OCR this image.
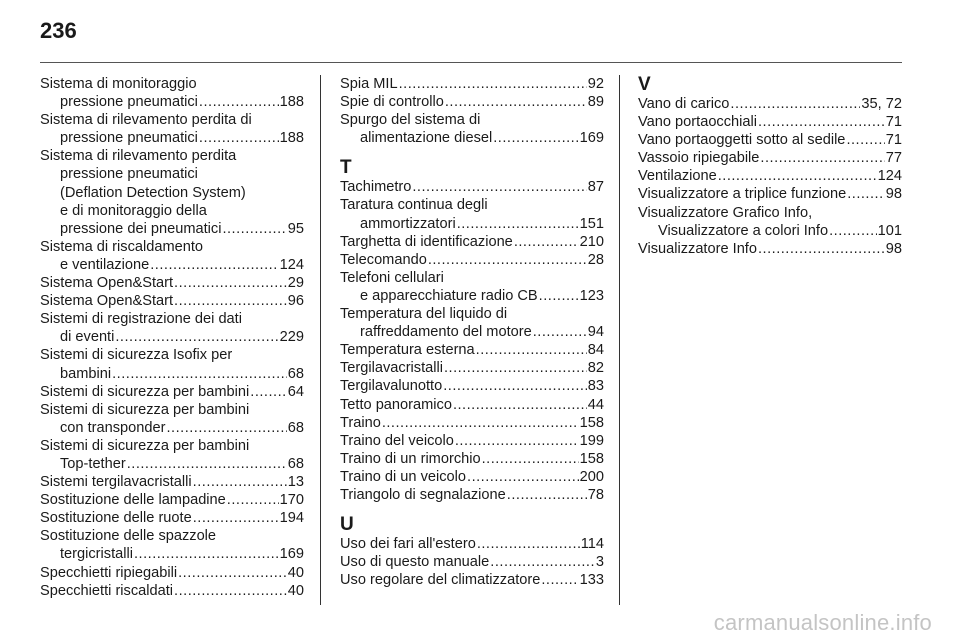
236
Sistema di monitoraggio
pressione pneumatici .....	188
Sistema di rilevamento perdita di
pressione pneumatici .....	188
Sistema di rilevamento perdita
pressione pneumatici
(Deflation Detection System)
e di monitoraggio della
pressione dei pneumatici .....	95
Sistema di riscaldamento
e ventilazione .....	124
Sistema Open&Start .....	29
Sistema Open&Start .....	96
Sistemi di registrazione dei dati
di eventi .....	229
Sistemi di sicurezza Isofix per
bambini .....	68
Sistemi di sicurezza per bambini .....	64
Sistemi di sicurezza per bambini
con transponder .....	68
Sistemi di sicurezza per bambini
Top-tether .....	68
Sistemi tergilavacristalli .....	13
Sostituzione delle lampadine .....	170
Sostituzione delle ruote .....	194
Sostituzione delle spazzole
tergicristalli .....	169
Specchietti ripiegabili .....	40
Specchietti riscaldati .....	40
Spia MIL .....	92
Spie di controllo .....	89
Spurgo del sistema di
alimentazione diesel .....	169
T
Tachimetro .....	87
Taratura continua degli
ammortizzatori .....	151
Targhetta di identificazione .....	210
Telecomando .....	28
Telefoni cellulari
e apparecchiature radio CB .....	123
Temperatura del liquido di
raffreddamento del motore .....	94
Temperatura esterna .....	84
Tergilavacristalli .....	82
Tergilavalunotto .....	83
Tetto panoramico .....	44
Traino .....	158
Traino del veicolo .....	199
Traino di un rimorchio .....	158
Traino di un veicolo .....	200
Triangolo di segnalazione .....	78
U
Uso dei fari all'estero .....	114
Uso di questo manuale .....	3
Uso regolare del climatizzatore .....	133
V
Vano di carico .....	35, 72
Vano portaocchiali .....	71
Vano portaoggetti sotto al sedile .....	71
Vassoio ripiegabile .....	77
Ventilazione .....	124
Visualizzatore a triplice funzione .....	98
Visualizzatore Grafico Info,
Visualizzatore a colori Info .....	101
Visualizzatore Info .....	98
carmanualsonline.info
